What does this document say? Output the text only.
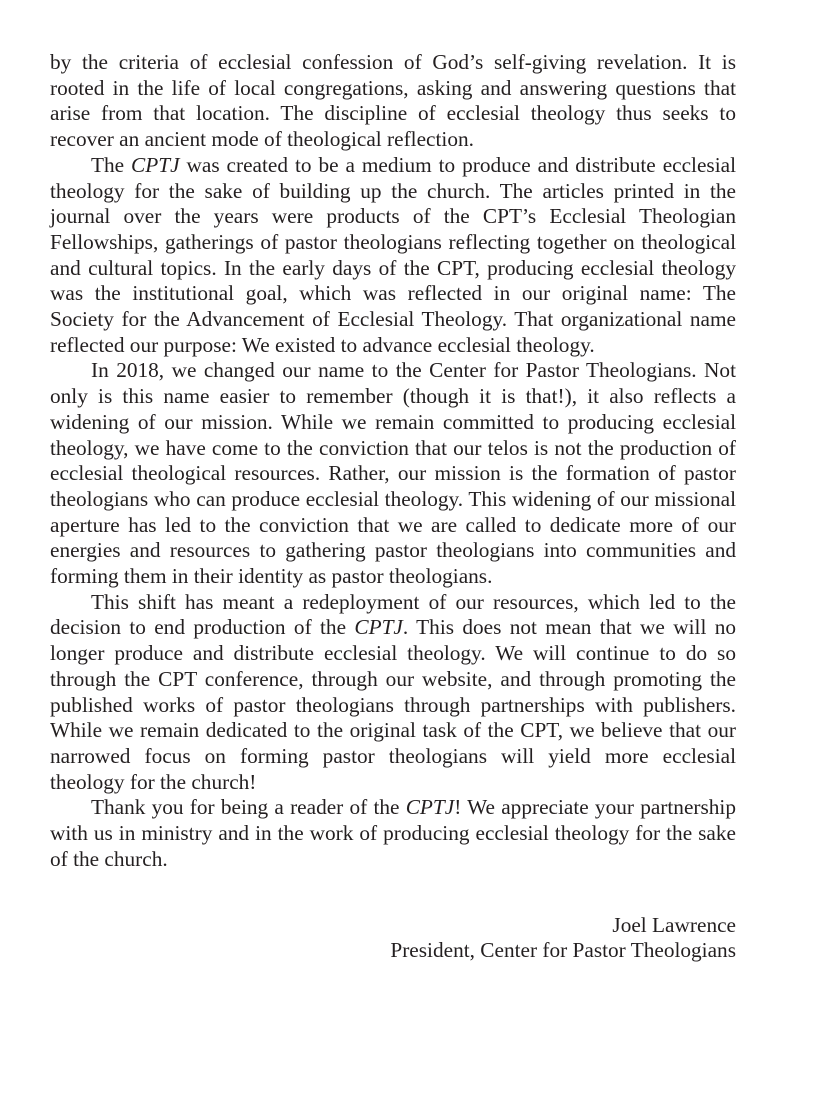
by the criteria of ecclesial confession of God’s self-giving revelation. It is rooted in the life of local congregations, asking and answering questions that arise from that location. The discipline of ecclesial theology thus seeks to recover an ancient mode of theological reflection.

The CPTJ was created to be a medium to produce and distribute ecclesial theology for the sake of building up the church. The articles printed in the journal over the years were products of the CPT’s Ecclesial Theologian Fellowships, gatherings of pastor theologians reflecting together on theological and cultural topics. In the early days of the CPT, producing ecclesial theology was the institutional goal, which was reflected in our original name: The Society for the Advancement of Ecclesial Theology. That organizational name reflected our purpose: We existed to advance ecclesial theology.

In 2018, we changed our name to the Center for Pastor Theologians. Not only is this name easier to remember (though it is that!), it also reflects a widening of our mission. While we remain committed to producing ecclesial theology, we have come to the conviction that our telos is not the production of ecclesial theological resources. Rather, our mission is the formation of pastor theologians who can produce ecclesial theology. This widening of our missional aperture has led to the conviction that we are called to dedicate more of our energies and resources to gathering pastor theologians into communities and forming them in their identity as pastor theologians.

This shift has meant a redeployment of our resources, which led to the decision to end production of the CPTJ. This does not mean that we will no longer produce and distribute ecclesial theology. We will continue to do so through the CPT conference, through our website, and through promoting the published works of pastor theologians through partnerships with publishers. While we remain dedicated to the original task of the CPT, we believe that our narrowed focus on forming pastor theologians will yield more ecclesial theology for the church!

Thank you for being a reader of the CPTJ! We appreciate your partnership with us in ministry and in the work of producing ecclesial theology for the sake of the church.

Joel Lawrence
President, Center for Pastor Theologians
